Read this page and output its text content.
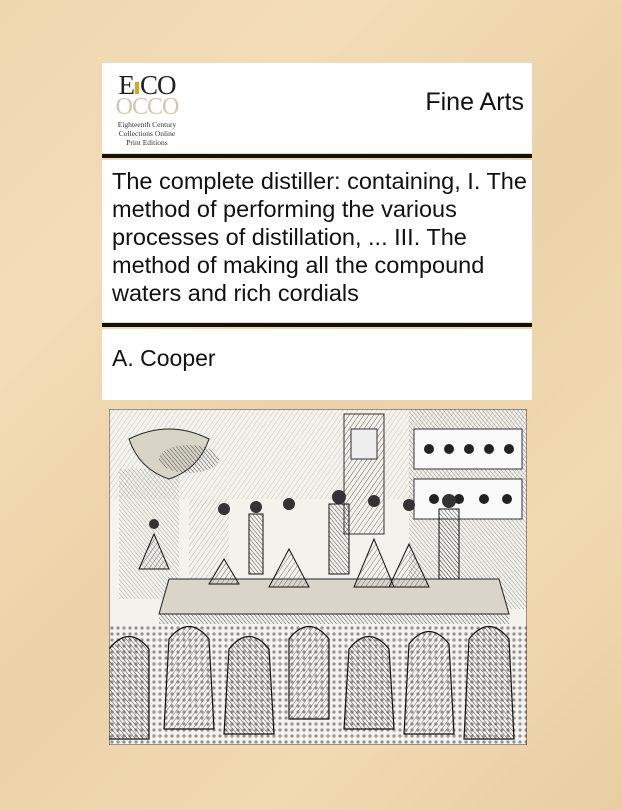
E CO
OCCO
Eighteenth Century
Collections Online
Print Editions
Fine Arts
The complete distiller: containing, I. The method of performing the various processes of distillation, ... III. The method of making all the compound waters and rich cordials
A. Cooper
